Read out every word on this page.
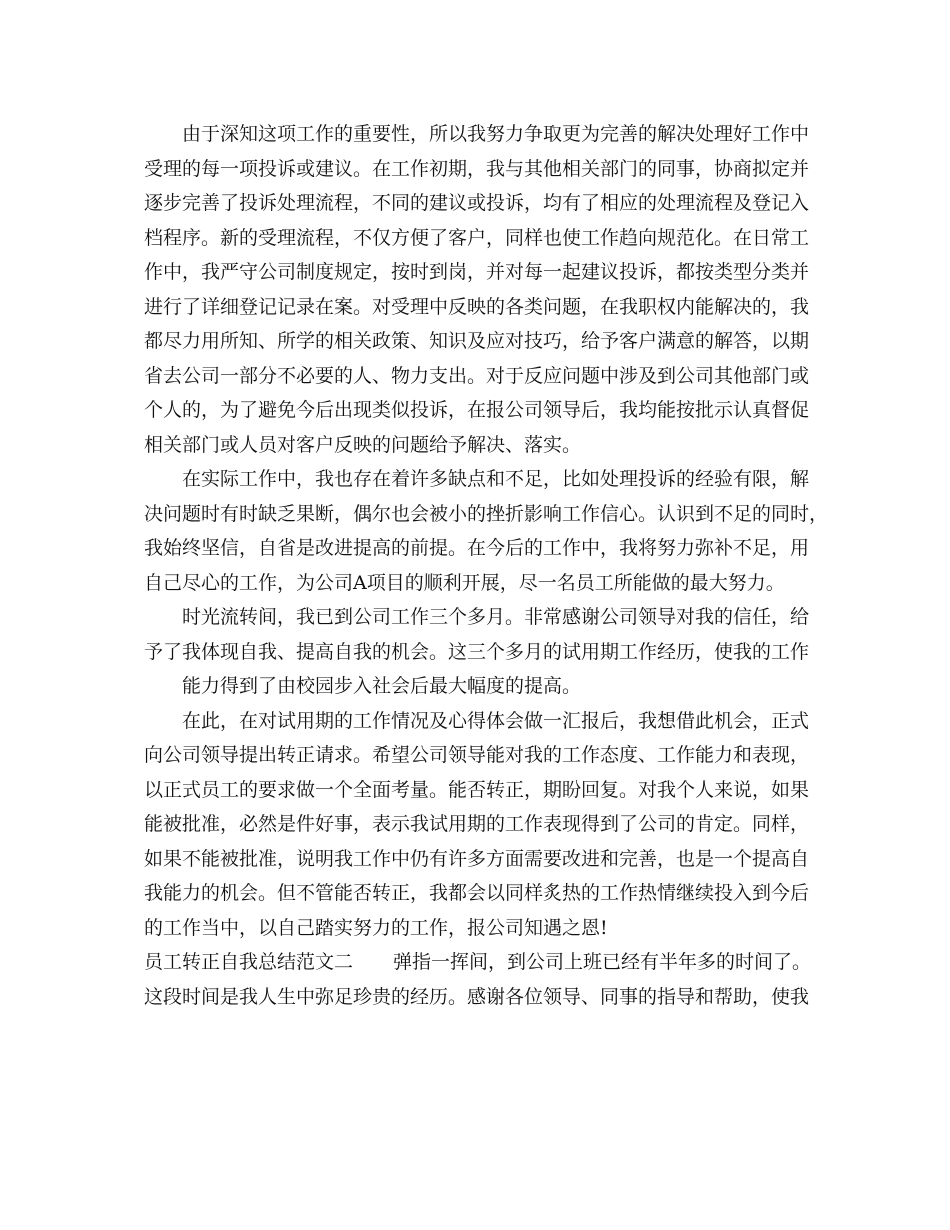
由于深知这项工作的重要性，所以我努力争取更为完善的解决处理好工作中
受理的每一项投诉或建议。在工作初期，我与其他相关部门的同事，协商拟定并
逐步完善了投诉处理流程，不同的建议或投诉，均有了相应的处理流程及登记入
档程序。新的受理流程，不仅方便了客户，同样也使工作趋向规范化。在日常工
作中，我严守公司制度规定，按时到岗，并对每一起建议投诉，都按类型分类并
进行了详细登记记录在案。对受理中反映的各类问题，在我职权内能解决的，我
都尽力用所知、所学的相关政策、知识及应对技巧，给予客户满意的解答，以期
省去公司一部分不必要的人、物力支出。对于反应问题中涉及到公司其他部门或
个人的，为了避免今后出现类似投诉，在报公司领导后，我均能按批示认真督促
相关部门或人员对客户反映的问题给予解决、落实。
在实际工作中，我也存在着许多缺点和不足，比如处理投诉的经验有限，解
决问题时有时缺乏果断，偶尔也会被小的挫折影响工作信心。认识到不足的同时，
我始终坚信，自省是改进提高的前提。在今后的工作中，我将努力弥补不足，用
自己尽心的工作，为公司A项目的顺利开展，尽一名员工所能做的最大努力。
时光流转间，我已到公司工作三个多月。非常感谢公司领导对我的信任，给
予了我体现自我、提高自我的机会。这三个多月的试用期工作经历，使我的工作
能力得到了由校园步入社会后最大幅度的提高。
在此，在对试用期的工作情况及心得体会做一汇报后，我想借此机会，正式
向公司领导提出转正请求。希望公司领导能对我的工作态度、工作能力和表现，
以正式员工的要求做一个全面考量。能否转正，期盼回复。对我个人来说，如果
能被批准，必然是件好事，表示我试用期的工作表现得到了公司的肯定。同样，
如果不能被批准，说明我工作中仍有许多方面需要改进和完善，也是一个提高自
我能力的机会。但不管能否转正，我都会以同样炙热的工作热情继续投入到今后
的工作当中，以自己踏实努力的工作，报公司知遇之恩!
员工转正自我总结范文二 弹指一挥间，到公司上班已经有半年多的时间了。
这段时间是我人生中弥足珍贵的经历。感谢各位领导、同事的指导和帮助，使我
